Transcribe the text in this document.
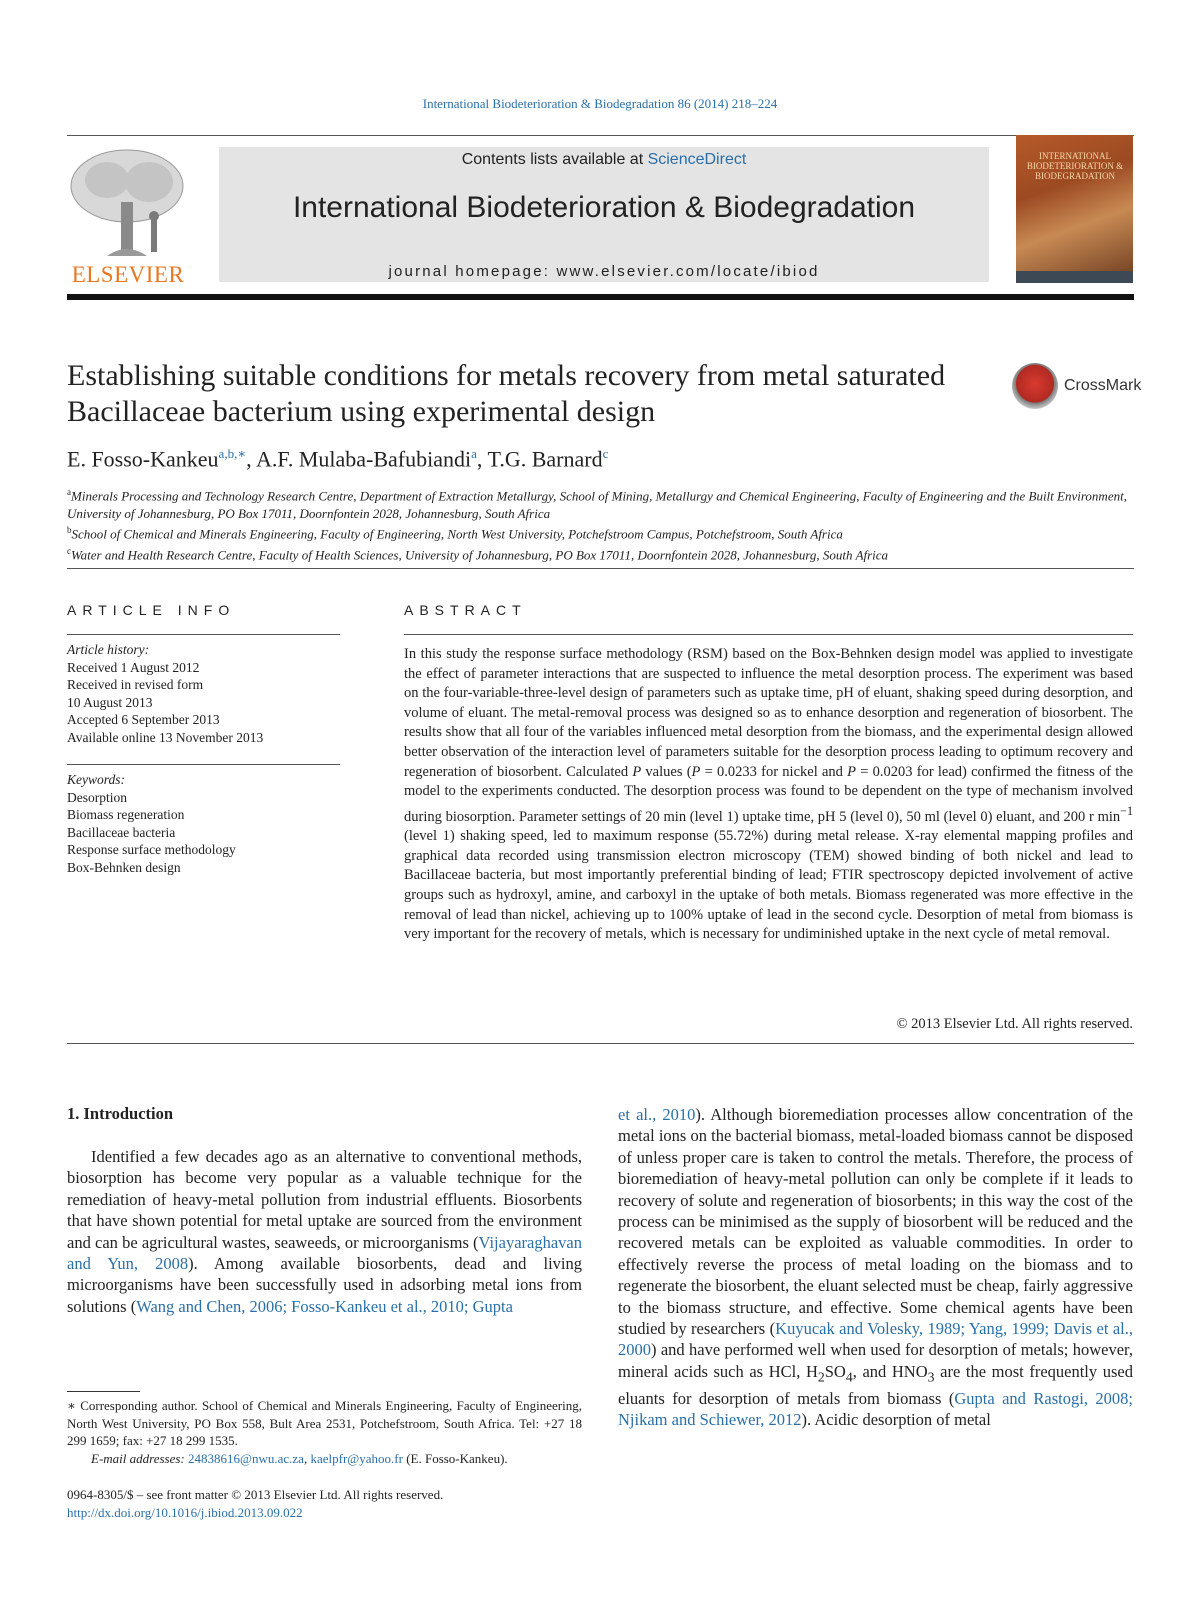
International Biodeterioration & Biodegradation 86 (2014) 218–224
ELSEVIER
Contents lists available at ScienceDirect
International Biodeterioration & Biodegradation
journal homepage: www.elsevier.com/locate/ibiod
INTERNATIONAL BIODETERIORATION & BIODEGRADATION
Establishing suitable conditions for metals recovery from metal saturated Bacillaceae bacterium using experimental design
CrossMark
E. Fosso-Kankeu$^{a,b,∗}$, A.F. Mulaba-Bafubiandi$^a$, T.G. Barnard$^c$
$^a$Minerals Processing and Technology Research Centre, Department of Extraction Metallurgy, School of Mining, Metallurgy and Chemical Engineering, Faculty of Engineering and the Built Environment, University of Johannesburg, PO Box 17011, Doornfontein 2028, Johannesburg, South Africa
$^b$School of Chemical and Minerals Engineering, Faculty of Engineering, North West University, Potchefstroom Campus, Potchefstroom, South Africa
$^c$Water and Health Research Centre, Faculty of Health Sciences, University of Johannesburg, PO Box 17011, Doornfontein 2028, Johannesburg, South Africa
ARTICLE INFO
Article history:
Received 1 August 2012
Received in revised form
10 August 2013
Accepted 6 September 2013
Available online 13 November 2013
Keywords:
Desorption
Biomass regeneration
Bacillaceae bacteria
Response surface methodology
Box-Behnken design
ABSTRACT
In this study the response surface methodology (RSM) based on the Box-Behnken design model was applied to investigate the effect of parameter interactions that are suspected to influence the metal desorption process. The experiment was based on the four-variable-three-level design of parameters such as uptake time, pH of eluant, shaking speed during desorption, and volume of eluant. The metal-removal process was designed so as to enhance desorption and regeneration of biosorbent. The results show that all four of the variables influenced metal desorption from the biomass, and the experimental design allowed better observation of the interaction level of parameters suitable for the desorption process leading to optimum recovery and regeneration of biosorbent. Calculated P values (P = 0.0233 for nickel and P = 0.0203 for lead) confirmed the fitness of the model to the experiments conducted. The desorption process was found to be dependent on the type of mechanism involved during biosorption. Parameter settings of 20 min (level 1) uptake time, pH 5 (level 0), 50 ml (level 0) eluant, and 200 r $\min^{-1}$ (level 1) shaking speed, led to maximum response (55.72%) during metal release. X-ray elemental mapping profiles and graphical data recorded using transmission electron microscopy (TEM) showed binding of both nickel and lead to Bacillaceae bacteria, but most importantly preferential binding of lead; FTIR spectroscopy depicted involvement of active groups such as hydroxyl, amine, and carboxyl in the uptake of both metals. Biomass regenerated was more effective in the removal of lead than nickel, achieving up to 100% uptake of lead in the second cycle. Desorption of metal from biomass is very important for the recovery of metals, which is necessary for undiminished uptake in the next cycle of metal removal.
© 2013 Elsevier Ltd. All rights reserved.
1. Introduction

Identified a few decades ago as an alternative to conventional methods, biosorption has become very popular as a valuable technique for the remediation of heavy-metal pollution from industrial effluents. Biosorbents that have shown potential for metal uptake are sourced from the environment and can be agricultural wastes, seaweeds, or microorganisms (Vijayaraghavan and Yun, 2008). Among available biosorbents, dead and living microorganisms have been successfully used in adsorbing metal ions from solutions (Wang and Chen, 2006; Fosso-Kankeu et al., 2010; Gupta

et al., 2010). Although bioremediation processes allow concentration of the metal ions on the bacterial biomass, metal-loaded biomass cannot be disposed of unless proper care is taken to control the metals. Therefore, the process of bioremediation of heavy-metal pollution can only be complete if it leads to recovery of solute and regeneration of biosorbents; in this way the cost of the process can be minimised as the supply of biosorbent will be reduced and the recovered metals can be exploited as valuable commodities. In order to effectively reverse the process of metal loading on the biomass and to regenerate the biosorbent, the eluant selected must be cheap, fairly aggressive to the biomass structure, and effective. Some chemical agents have been studied by researchers (Kuyucak and Volesky, 1989; Yang, 1999; Davis et al., 2000) and have performed well when used for desorption of metals; however, mineral acids such as HCl, $H_2SO_4$, and $HNO_3$ are the most frequently used eluants for desorption of metals from biomass (Gupta and Rastogi, 2008; Njikam and Schiewer, 2012). Acidic desorption of metal

∗ Corresponding author. School of Chemical and Minerals Engineering, Faculty of Engineering, North West University, PO Box 558, Bult Area 2531, Potchefstroom, South Africa. Tel: +27 18 299 1659; fax: +27 18 299 1535.
E-mail addresses: 24838616@nwu.ac.za, kaelpfr@yahoo.fr (E. Fosso-Kankeu).
0964-8305/$ – see front matter © 2013 Elsevier Ltd. All rights reserved.
http://dx.doi.org/10.1016/j.ibiod.2013.09.022
